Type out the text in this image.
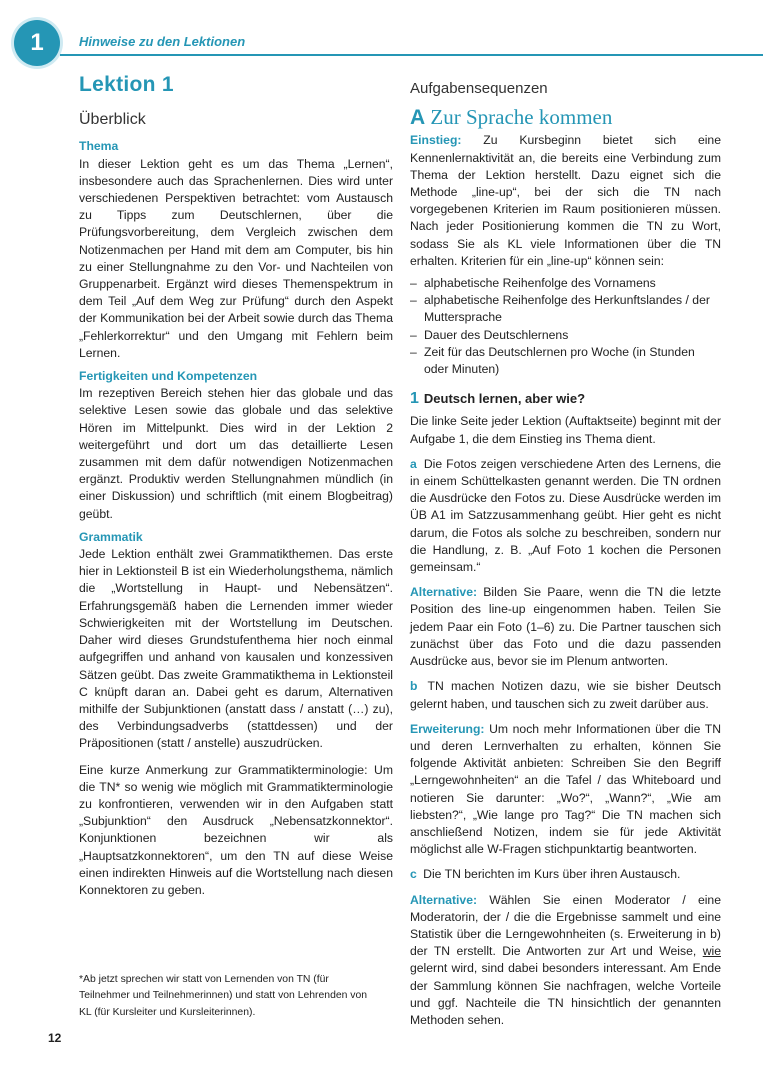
1	Hinweise zu den Lektionen
Lektion 1
Überblick
Thema

In dieser Lektion geht es um das Thema „Lernen“, insbesondere auch das Sprachenlernen. Dies wird unter verschiedenen Perspektiven betrachtet: vom Austausch zu Tipps zum Deutschlernen, über die Prüfungsvorbereitung, dem Vergleich zwischen dem Notizenmachen per Hand mit dem am Computer, bis hin zu einer Stellungnahme zu den Vor- und Nachteilen von Gruppenarbeit. Ergänzt wird dieses Themenspektrum in dem Teil „Auf dem Weg zur Prüfung“ durch den Aspekt der Kommunikation bei der Arbeit sowie durch das Thema „Fehlerkorrektur“ und den Umgang mit Fehlern beim Lernen.

Fertigkeiten und Kompetenzen

Im rezeptiven Bereich stehen hier das globale und das selektive Lesen sowie das globale und das selektive Hören im Mittelpunkt. Dies wird in der Lektion 2 weitergeführt und dort um das detaillierte Lesen zusammen mit dem dafür notwendigen Notizenmachen ergänzt. Produktiv werden Stellungnahmen mündlich (in einer Diskussion) und schriftlich (mit einem Blogbeitrag) geübt.

Grammatik

Jede Lektion enthält zwei Grammatikthemen. Das erste hier in Lektionsteil B ist ein Wiederholungsthema, nämlich die „Wortstellung in Haupt- und Nebensätzen“. Erfahrungsgemäß haben die Lernenden immer wieder Schwierigkeiten mit der Wortstellung im Deutschen. Daher wird dieses Grundstufenthema hier noch einmal aufgegriffen und anhand von kausalen und konzessiven Sätzen geübt. Das zweite Grammatikthema in Lektionsteil C knüpft daran an. Dabei geht es darum, Alternativen mithilfe der Subjunktionen (anstatt dass / anstatt (…) zu), des Verbindungsadverbs (stattdessen) und der Präpositionen (statt / anstelle) auszudrücken.

Eine kurze Anmerkung zur Grammatikterminologie: Um die TN* so wenig wie möglich mit Grammatikterminologie zu konfrontieren, verwenden wir in den Aufgaben statt „Subjunktion“ den Ausdruck „Nebensatzkonnektor“. Konjunktionen bezeichnen wir als „Hauptsatzkonnektoren“, um den TN auf diese Weise einen indirekten Hinweis auf die Wortstellung nach diesen Konnektoren zu geben.

Aufgabensequenzen
A Zur Sprache kommen

Einstieg: Zu Kursbeginn bietet sich eine Kennenlernaktivität an, die bereits eine Verbindung zum Thema der Lektion herstellt. Dazu eignet sich die Methode „line-up“, bei der sich die TN nach vorgegebenen Kriterien im Raum positionieren müssen. Nach jeder Positionierung kommen die TN zu Wort, sodass Sie als KL viele Informationen über die TN erhalten. Kriterien für ein „line-up“ können sein:

– alphabetische Reihenfolge des Vornamens
– alphabetische Reihenfolge des Herkunftslandes / der Muttersprache
– Dauer des Deutschlernens
– Zeit für das Deutschlernen pro Woche (in Stunden oder Minuten)
1 Deutsch lernen, aber wie?

Die linke Seite jeder Lektion (Auftaktseite) beginnt mit der Aufgabe 1, die dem Einstieg ins Thema dient.

a Die Fotos zeigen verschiedene Arten des Lernens, die in einem Schüttelkasten genannt werden. Die TN ordnen die Ausdrücke den Fotos zu. Diese Ausdrücke werden im ÜB A1 im Satzzusammenhang geübt. Hier geht es nicht darum, die Fotos als solche zu beschreiben, sondern nur die Handlung, z. B. „Auf Foto 1 kochen die Personen gemeinsam.“

Alternative: Bilden Sie Paare, wenn die TN die letzte Position des line-up eingenommen haben. Teilen Sie jedem Paar ein Foto (1–6) zu. Die Partner tauschen sich zunächst über das Foto und die dazu passenden Ausdrücke aus, bevor sie im Plenum antworten.

b TN machen Notizen dazu, wie sie bisher Deutsch gelernt haben, und tauschen sich zu zweit darüber aus.

Erweiterung: Um noch mehr Informationen über die TN und deren Lernverhalten zu erhalten, können Sie folgende Aktivität anbieten: Schreiben Sie den Begriff „Lerngewohnheiten“ an die Tafel / das Whiteboard und notieren Sie darunter: „Wo?“, „Wann?“, „Wie am liebsten?“, „Wie lange pro Tag?“ Die TN machen sich anschließend Notizen, indem sie für jede Aktivität möglichst alle W-Fragen stichpunktartig beantworten.

c Die TN berichten im Kurs über ihren Austausch.

Alternative: Wählen Sie einen Moderator / eine Moderatorin, der / die die Ergebnisse sammelt und eine Statistik über die Lerngewohnheiten (s. Erweiterung in b) der TN erstellt. Die Antworten zur Art und Weise, wie gelernt wird, sind dabei besonders interessant. Am Ende der Sammlung können Sie nachfragen, welche Vorteile und ggf. Nachteile die TN hinsichtlich der genannten Methoden sehen.

*Ab jetzt sprechen wir statt von Lernenden von TN (für Teilnehmer und Teilnehmerinnen) und statt von Lehrenden von KL (für Kursleiter und Kursleiterinnen).
12
